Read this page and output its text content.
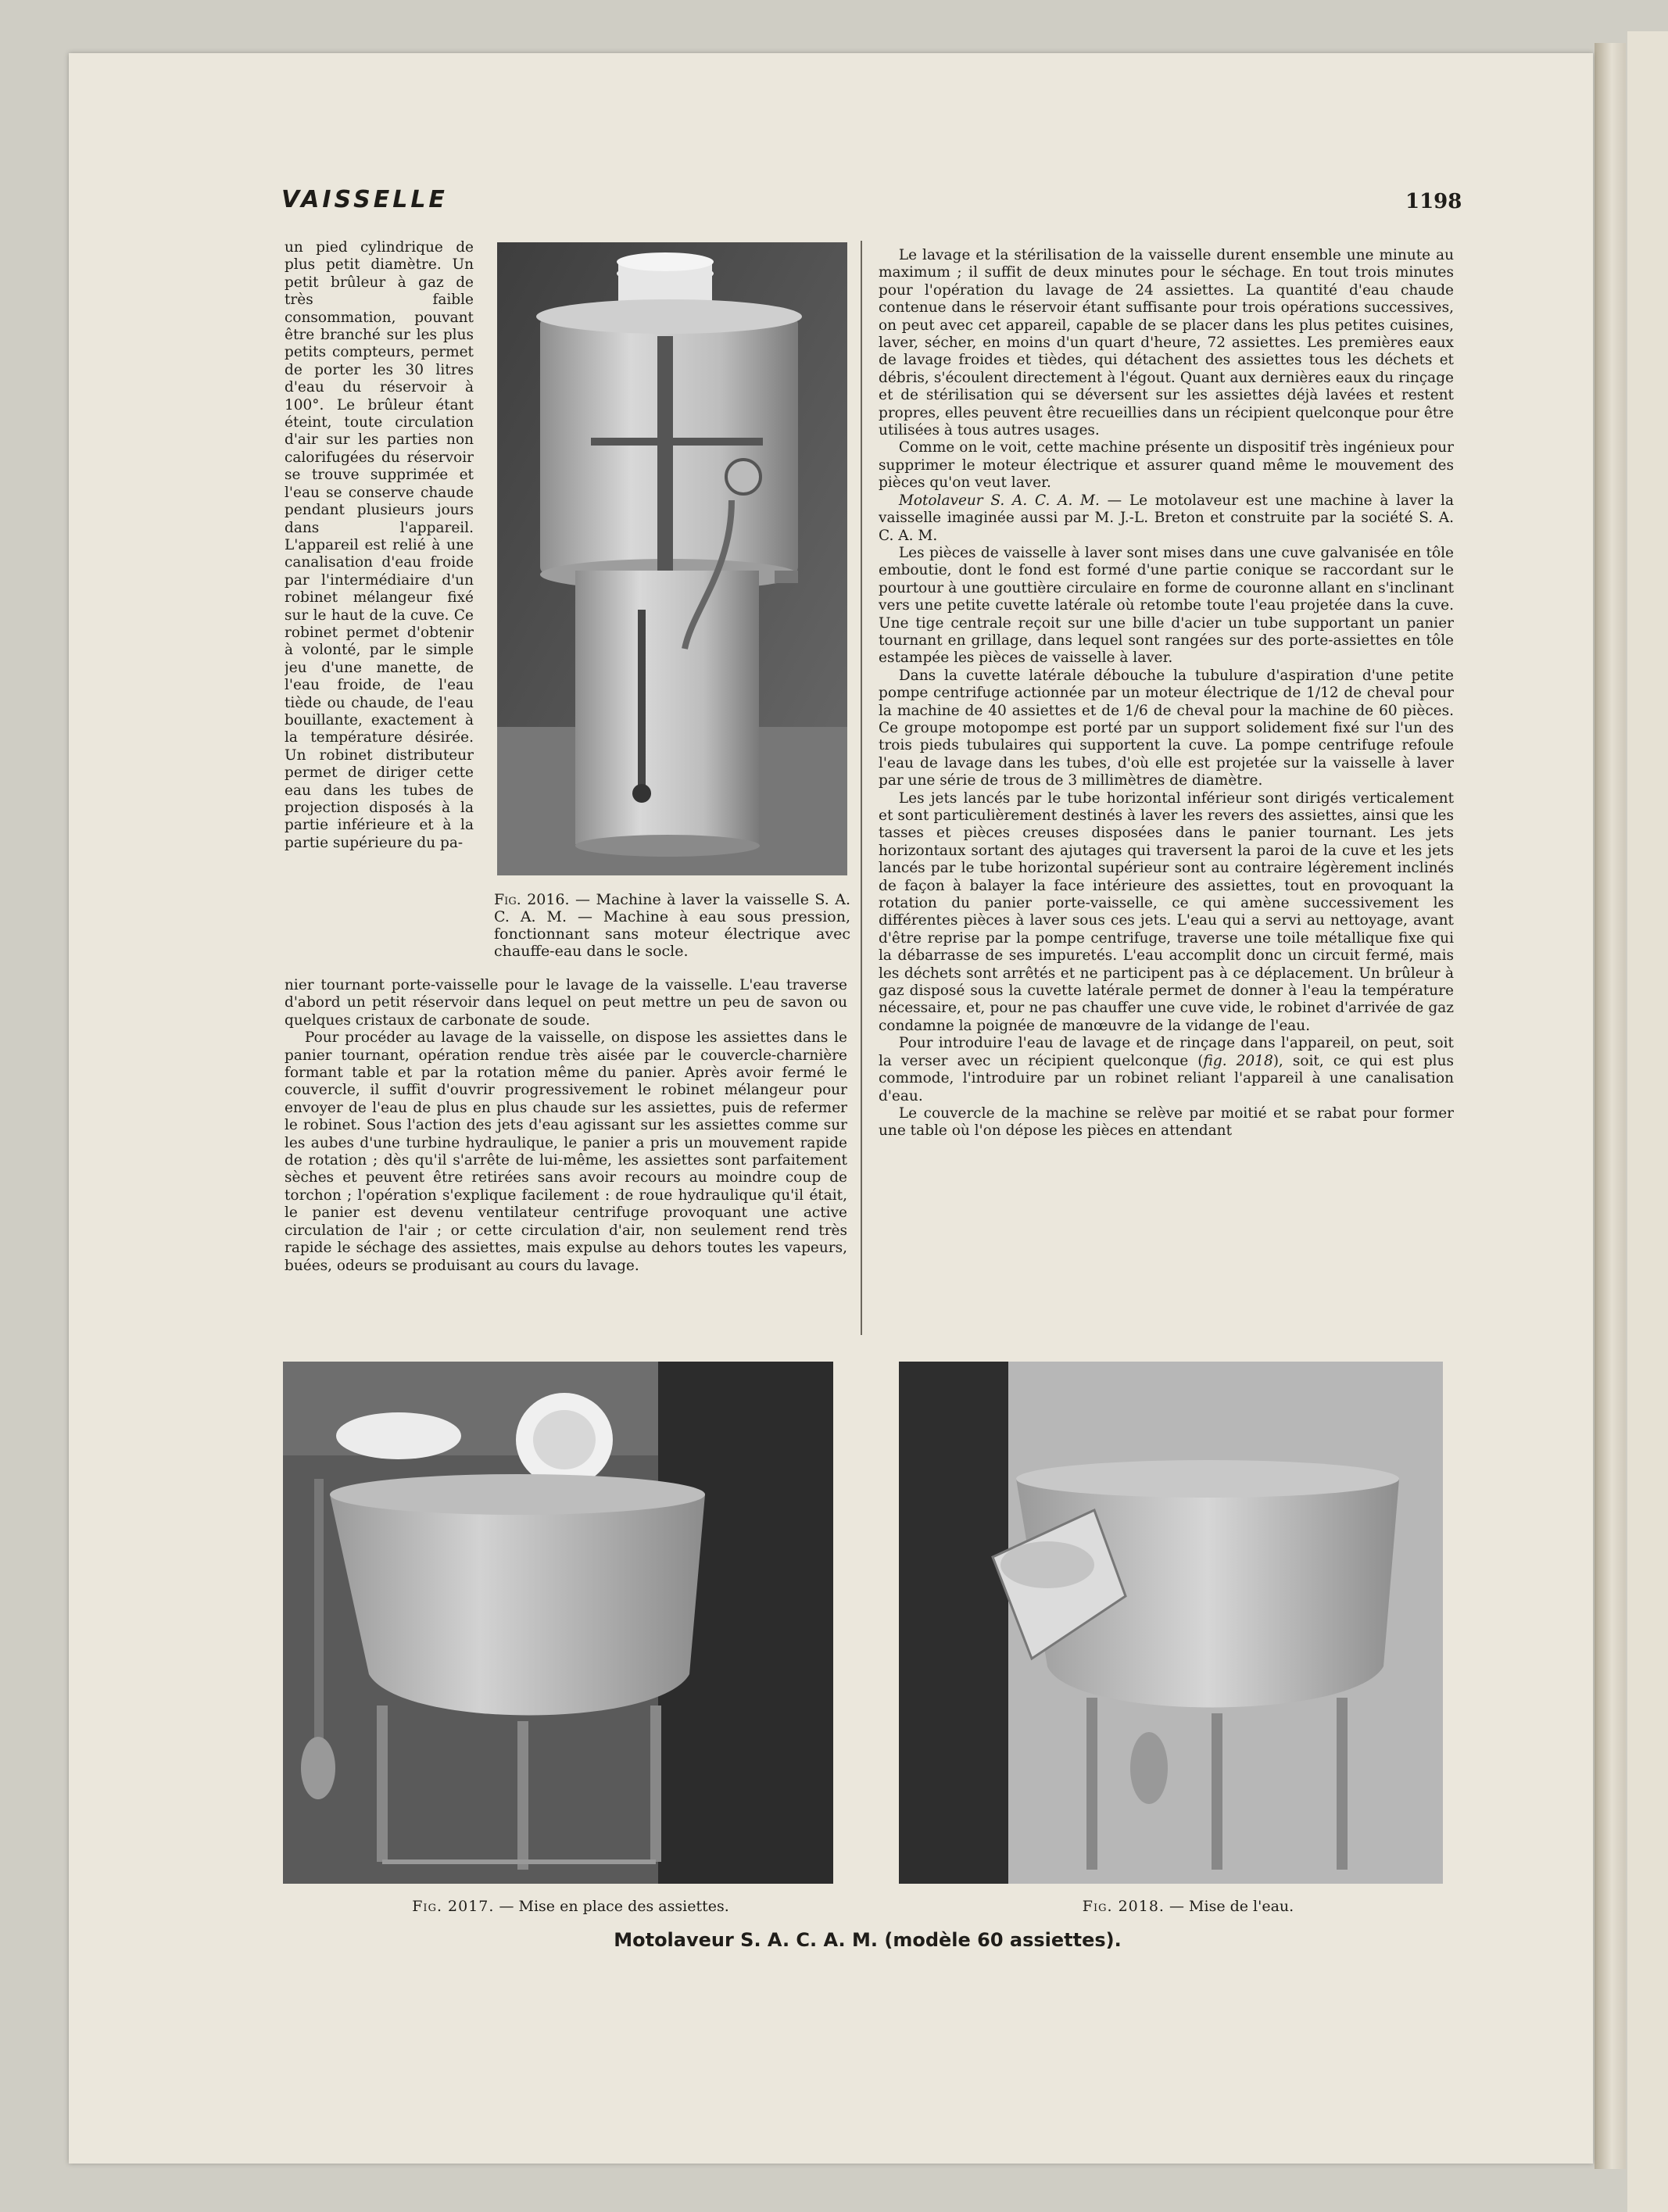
VAISSELLE	1198

un pied cylindrique de plus petit diamètre. Un petit brûleur à gaz de très faible consommation, pouvant être branché sur les plus petits compteurs, permet de porter les 30 litres d'eau du réservoir à 100°. Le brûleur étant éteint, toute circulation d'air sur les parties non calorifugées du réservoir se trouve supprimée et l'eau se conserve chaude pendant plusieurs jours dans l'appareil. L'appareil est relié à une canalisation d'eau froide par l'intermédiaire d'un robinet mélangeur fixé sur le haut de la cuve. Ce robinet permet d'obtenir à volonté, par le simple jeu d'une manette, de l'eau froide, de l'eau tiède ou chaude, de l'eau bouillante, exactement à la température désirée. Un robinet distributeur permet de diriger cette eau dans les tubes de projection disposés à la partie inférieure et à la partie supérieure du pa-

Fig. 2016. — Machine à laver la vaisselle S. A. C. A. M. — Machine à eau sous pression, fonctionnant sans moteur électrique avec chauffe-eau dans le socle.

nier tournant porte-vaisselle pour le lavage de la vaisselle. L'eau traverse d'abord un petit réservoir dans lequel on peut mettre un peu de savon ou quelques cristaux de carbonate de soude.

Pour procéder au lavage de la vaisselle, on dispose les assiettes dans le panier tournant, opération rendue très aisée par le couvercle-charnière formant table et par la rotation même du panier. Après avoir fermé le couvercle, il suffit d'ouvrir progressivement le robinet mélangeur pour envoyer de l'eau de plus en plus chaude sur les assiettes, puis de refermer le robinet. Sous l'action des jets d'eau agissant sur les assiettes comme sur les aubes d'une turbine hydraulique, le panier a pris un mouvement rapide de rotation ; dès qu'il s'arrête de lui-même, les assiettes sont parfaitement sèches et peuvent être retirées sans avoir recours au moindre coup de torchon ; l'opération s'explique facilement : de roue hydraulique qu'il était, le panier est devenu ventilateur centrifuge provoquant une active circulation de l'air ; or cette circulation d'air, non seulement rend très rapide le séchage des assiettes, mais expulse au dehors toutes les vapeurs, buées, odeurs se produisant au cours du lavage.

Le lavage et la stérilisation de la vaisselle durent ensemble une minute au maximum ; il suffit de deux minutes pour le séchage. En tout trois minutes pour l'opération du lavage de 24 assiettes. La quantité d'eau chaude contenue dans le réservoir étant suffisante pour trois opérations successives, on peut avec cet appareil, capable de se placer dans les plus petites cuisines, laver, sécher, en moins d'un quart d'heure, 72 assiettes. Les premières eaux de lavage froides et tièdes, qui détachent des assiettes tous les déchets et débris, s'écoulent directement à l'égout. Quant aux dernières eaux du rinçage et de stérilisation qui se déversent sur les assiettes déjà lavées et restent propres, elles peuvent être recueillies dans un récipient quelconque pour être utilisées à tous autres usages.

Comme on le voit, cette machine présente un dispositif très ingénieux pour supprimer le moteur électrique et assurer quand même le mouvement des pièces qu'on veut laver.

Motolaveur S. A. C. A. M. — Le motolaveur est une machine à laver la vaisselle imaginée aussi par M. J.-L. Breton et construite par la société S. A. C. A. M.

Les pièces de vaisselle à laver sont mises dans une cuve galvanisée en tôle emboutie, dont le fond est formé d'une partie conique se raccordant sur le pourtour à une gouttière circulaire en forme de couronne allant en s'inclinant vers une petite cuvette latérale où retombe toute l'eau projetée dans la cuve. Une tige centrale reçoit sur une bille d'acier un tube supportant un panier tournant en grillage, dans lequel sont rangées sur des porte-assiettes en tôle estampée les pièces de vaisselle à laver.

Dans la cuvette latérale débouche la tubulure d'aspiration d'une petite pompe centrifuge actionnée par un moteur électrique de 1/12 de cheval pour la machine de 40 assiettes et de 1/6 de cheval pour la machine de 60 pièces. Ce groupe motopompe est porté par un support solidement fixé sur l'un des trois pieds tubulaires qui supportent la cuve. La pompe centrifuge refoule l'eau de lavage dans les tubes, d'où elle est projetée sur la vaisselle à laver par une série de trous de 3 millimètres de diamètre.

Les jets lancés par le tube horizontal inférieur sont dirigés verticalement et sont particulièrement destinés à laver les revers des assiettes, ainsi que les tasses et pièces creuses disposées dans le panier tournant. Les jets horizontaux sortant des ajutages qui traversent la paroi de la cuve et les jets lancés par le tube horizontal supérieur sont au contraire légèrement inclinés de façon à balayer la face intérieure des assiettes, tout en provoquant la rotation du panier porte-vaisselle, ce qui amène successivement les différentes pièces à laver sous ces jets. L'eau qui a servi au nettoyage, avant d'être reprise par la pompe centrifuge, traverse une toile métallique fixe qui la débarrasse de ses impuretés. L'eau accomplit donc un circuit fermé, mais les déchets sont arrêtés et ne participent pas à ce déplacement. Un brûleur à gaz disposé sous la cuvette latérale permet de donner à l'eau la température nécessaire, et, pour ne pas chauffer une cuve vide, le robinet d'arrivée de gaz condamne la poignée de manœuvre de la vidange de l'eau.

Pour introduire l'eau de lavage et de rinçage dans l'appareil, on peut, soit la verser avec un récipient quelconque (fig. 2018), soit, ce qui est plus commode, l'introduire par un robinet reliant l'appareil à une canalisation d'eau.

Le couvercle de la machine se relève par moitié et se rabat pour former une table où l'on dépose les pièces en attendant

Fig. 2017. — Mise en place des assiettes.	Fig. 2018. — Mise de l'eau.
Motolaveur S. A. C. A. M. (modèle 60 assiettes).
